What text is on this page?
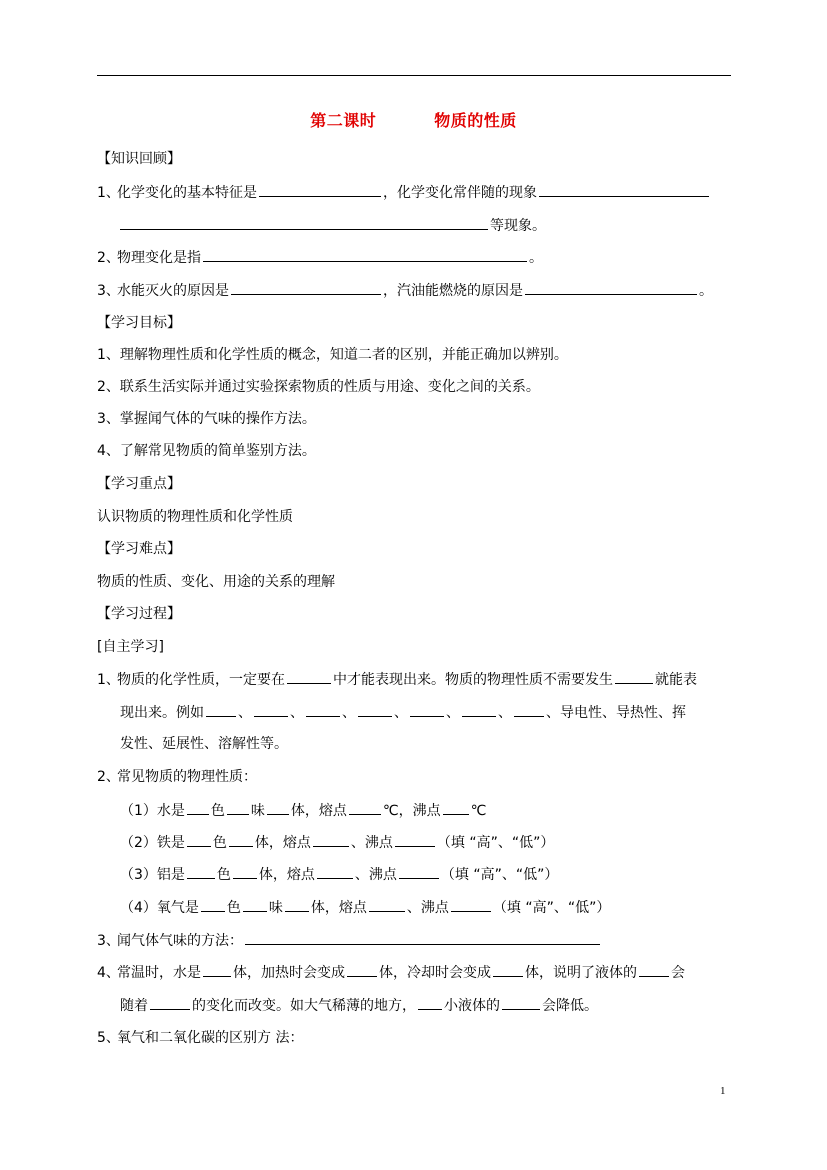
第二课时	物质的性质
【知识回顾】
1、化学变化的基本特征是	，化学变化常伴随的现象
等现象。
2、物理变化是指	。
3、水能灭火的原因是	，汽油能燃烧的原因是	。
【学习目标】
1、理解物理性质和化学性质的概念，知道二者的区别，并能正确加以辨别。
2、联系生活实际并通过实验探索物质的性质与用途、变化之间的关系。
3、掌握闻气体的气味的操作方法。
4、了解常见物质的简单鉴别方法。
【学习重点】
认识物质的物理性质和化学性质
【学习难点】
物质的性质、变化、用途的关系的理解
【学习过程】
[自主学习]
1、物质的化学性质，一定要在	中才能表现出来。物质的物理性质不需要发生	就能表
现出来。例如 、	、	、	、	、	、 、导电性、导热性、挥
发性、延展性、溶解性等。
2、常见物质的物理性质：
（1）水是 色 味 体，熔点	℃，沸点 ℃
（2）铁是 色 体，熔点	、沸点	（填 “高”、“低”）
（3）铝是 色 体，熔点	、沸点	（填 “高”、“低”）
（4）氧气是 色 味 体，熔点	、沸点	（填 “高”、“低”）
3、闻气体气味的方法：
4、常温时，水是 体，加热时会变成 体，冷却时会变成 体，说明了液体的 会
随着	的变化而改变。如大气稀薄的地方， 小液体的	会降低。
5、氧气和二氧化碳的区别方 法：
1
